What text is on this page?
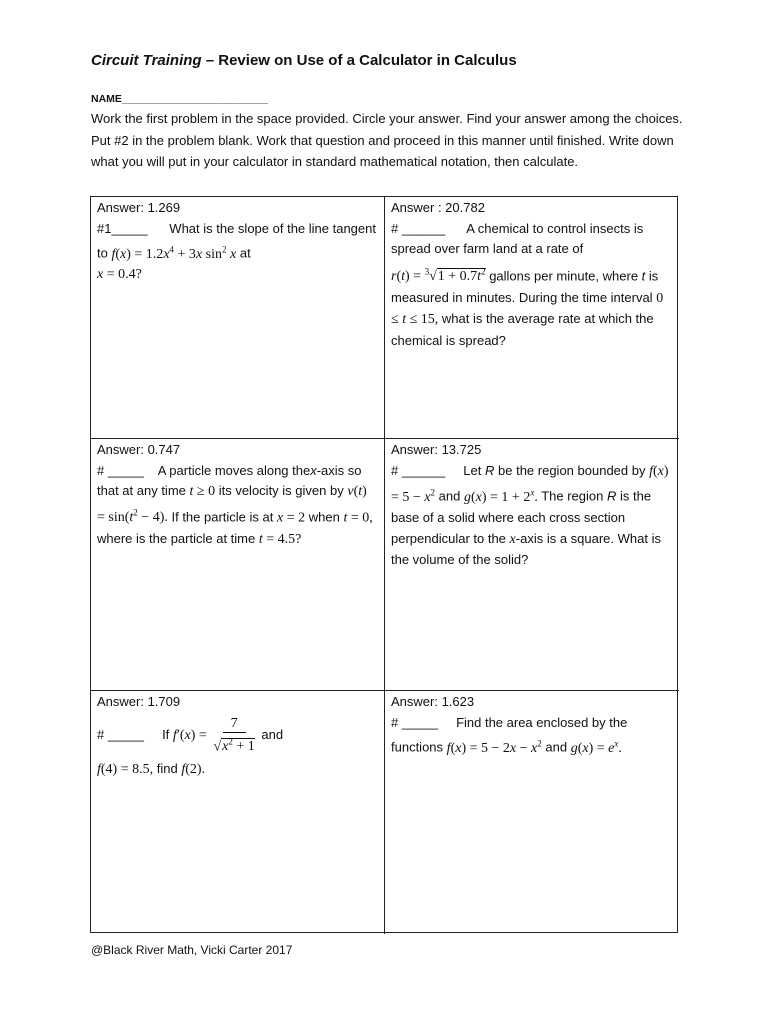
Circuit Training – Review on Use of a Calculator in Calculus
NAME_________________________
Work the first problem in the space provided. Circle your answer. Find your answer among the choices. Put #2 in the problem blank. Work that question and proceed in this manner until finished. Write down what you will put in your calculator in standard mathematical notation, then calculate.
Answer: 1.269
#1_____ What is the slope of the line tangent to $f(x) = 1.2x^4 + 3x$ $\sin^2 x$ at
x = 0.4?
Answer : 20.782
# ______ A chemical to control insects is spread over farm land at a rate of
$r(t) = ^3√1 + 0.7t^2$ gallons per minute, where t is measured in minutes. During the time interval 0 ≤ t ≤ 15, what is the average rate at which the chemical is spread?
Answer: 0.747
# _____ A particle moves along thex-axis so that at any time t ≥ 0 its velocity is given by $v(t) = \sin(t^2 - 4)$. If the particle is at x = 2 when t = 0, where is the particle at time t = 4.5?
Answer: 13.725
# ______ Let R be the region bounded by $f(x) = 5 - x^2$ and $g(x) = 1 + 2^x$. The region R is the base of a solid where each cross section perpendicular to the x-axis is a square. What is the volume of the solid?
Answer: 1.709
# _____ If $f'(x) = \frac{7}{√x^2 + 1}$ and
f(4) = 8.5, find f(2).
Answer: 1.623
# _____ Find the area enclosed by the functions $f(x) = 5 - 2x - x^2$ and $g(x) = e^x$.
@Black River Math, Vicki Carter 2017
